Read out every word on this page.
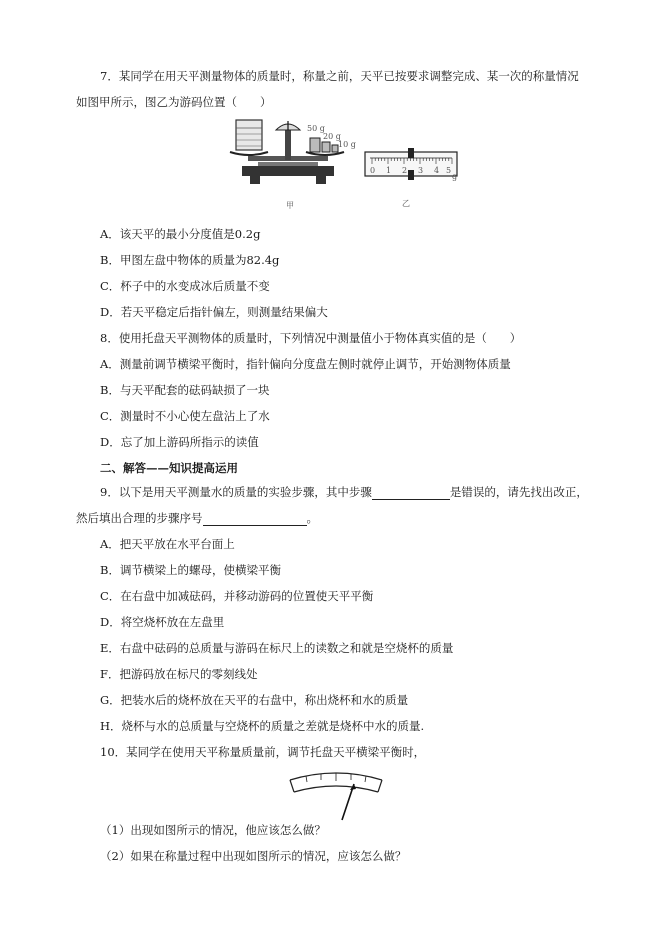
7．某同学在用天平测量物体的质量时，称量之前，天平已按要求调整完成、某一次的称量情况
如图甲所示，图乙为游码位置（　　）
50 g
20 g
10 g
甲
0 1 2 3 4 5
g
乙
A．该天平的最小分度值是0.2g
B．甲图左盘中物体的质量为82.4g
C．杯子中的水变成冰后质量不变
D．若天平稳定后指针偏左，则测量结果偏大
8．使用托盘天平测物体的质量时，下列情况中测量值小于物体真实值的是（　　）
A．测量前调节横梁平衡时，指针偏向分度盘左侧时就停止调节，开始测物体质量
B．与天平配套的砝码缺损了一块
C．测量时不小心使左盘沾上了水
D．忘了加上游码所指示的读值
二、解答——知识提高运用
9．以下是用天平测量水的质量的实验步骤，其中步骤	是错误的，请先找出改正，
然后填出合理的步骤序号	。
A．把天平放在水平台面上
B．调节横梁上的螺母，使横梁平衡
C．在右盘中加减砝码，并移动游码的位置使天平平衡
D．将空烧杯放在左盘里
E．右盘中砝码的总质量与游码在标尺上的读数之和就是空烧杯的质量
F．把游码放在标尺的零刻线处
G．把装水后的烧杯放在天平的右盘中，称出烧杯和水的质量
H．烧杯与水的总质量与空烧杯的质量之差就是烧杯中水的质量.
10．某同学在使用天平称量质量前，调节托盘天平横梁平衡时，
（1）出现如图所示的情况，他应该怎么做？
（2）如果在称量过程中出现如图所示的情况，应该怎么做？
